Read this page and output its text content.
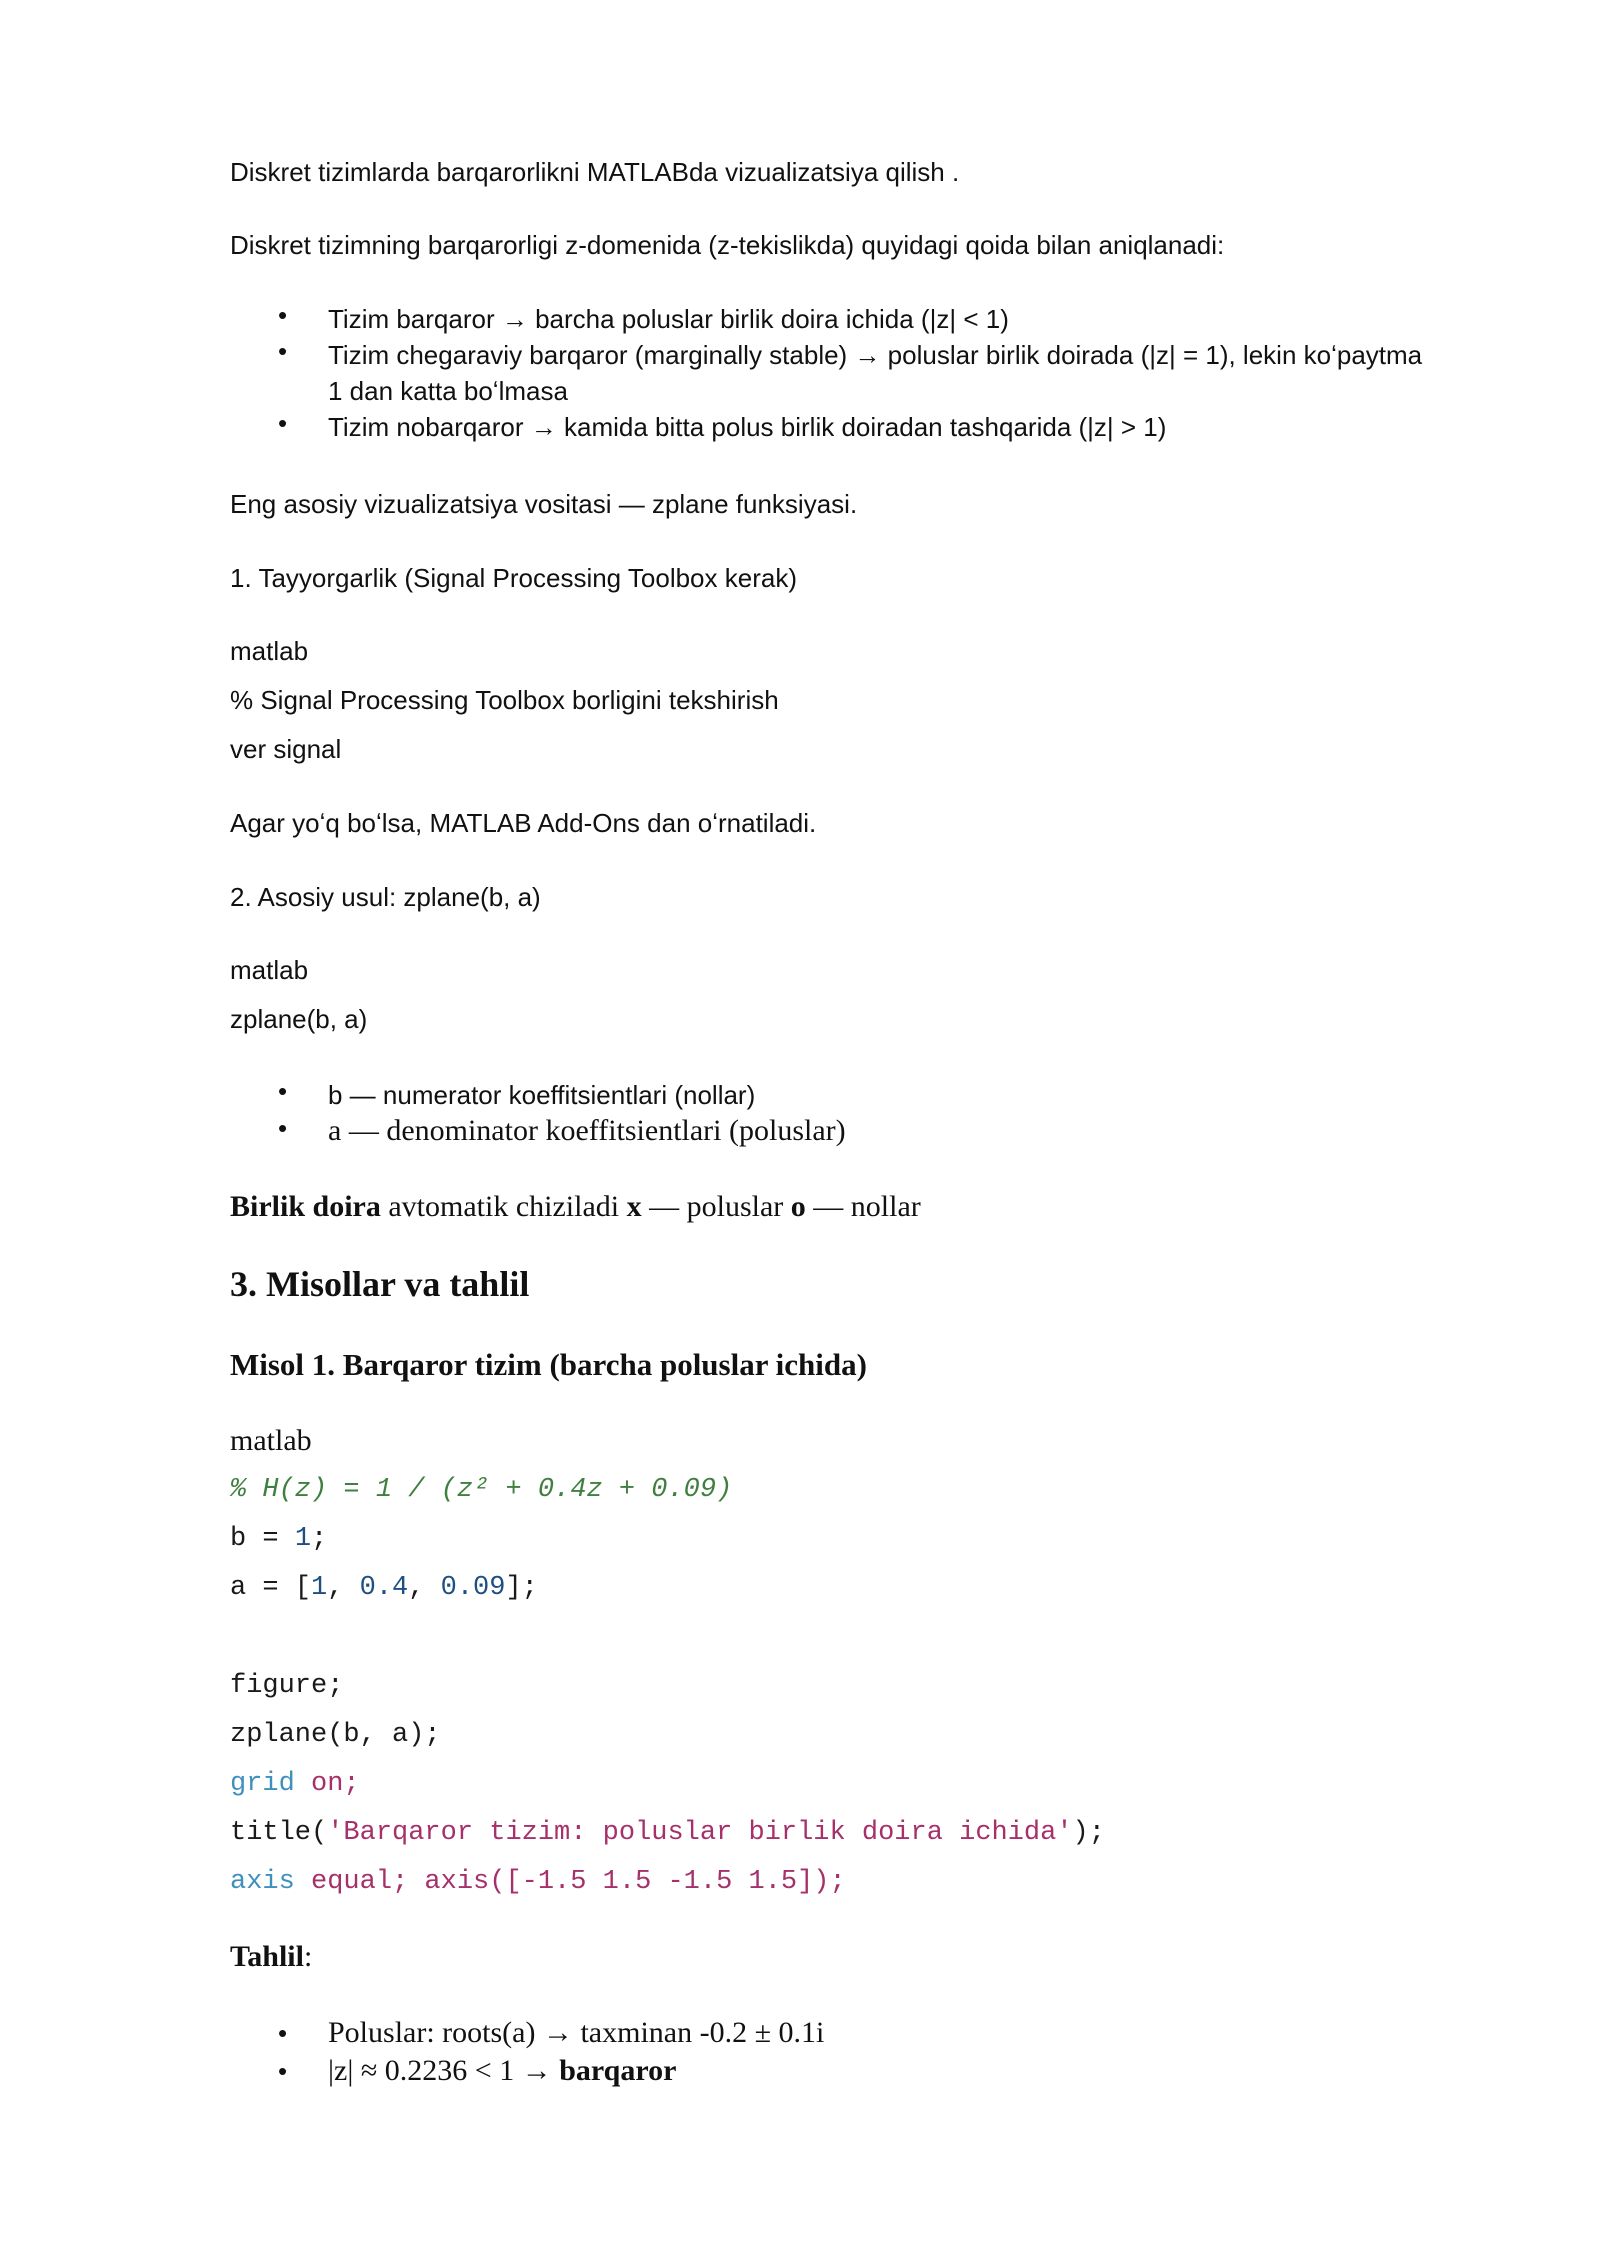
Diskret tizimlarda barqarorlikni MATLABda vizualizatsiya qilish .
Diskret tizimning barqarorligi z-domenida (z-tekislikda) quyidagi qoida bilan aniqlanadi:
• Tizim barqaror → barcha poluslar birlik doira ichida (|z| < 1)
• Tizim chegaraviy barqaror (marginally stable) → poluslar birlik doirada (|z| = 1), lekin koʻpaytma
1 dan katta boʻlmasa
• Tizim nobarqaror → kamida bitta polus birlik doiradan tashqarida (|z| > 1)
Eng asosiy vizualizatsiya vositasi — zplane funksiyasi.
1. Tayyorgarlik (Signal Processing Toolbox kerak)
matlab
% Signal Processing Toolbox borligini tekshirish
ver signal
Agar yoʻq boʻlsa, MATLAB Add-Ons dan oʻrnatiladi.
2. Asosiy usul: zplane(b, a)
matlab
zplane(b, a)
• b — numerator koeffitsientlari (nollar)
• a — denominator koeffitsientlari (poluslar)
Birlik doira avtomatik chiziladi x — poluslar o — nollar
3. Misollar va tahlil
Misol 1. Barqaror tizim (barcha poluslar ichida)
matlab
% H(z) = 1 / (z² + 0.4z + 0.09)
b = 1;
a = [1, 0.4, 0.09];
figure;
zplane(b, a);
grid on;
title('Barqaror tizim: poluslar birlik doira ichida');
axis equal; axis([-1.5 1.5 -1.5 1.5]);
Tahlil:
• Poluslar: roots(a) → taxminan -0.2 ± 0.1i
• |z| ≈ 0.2236 < 1 → barqaror
